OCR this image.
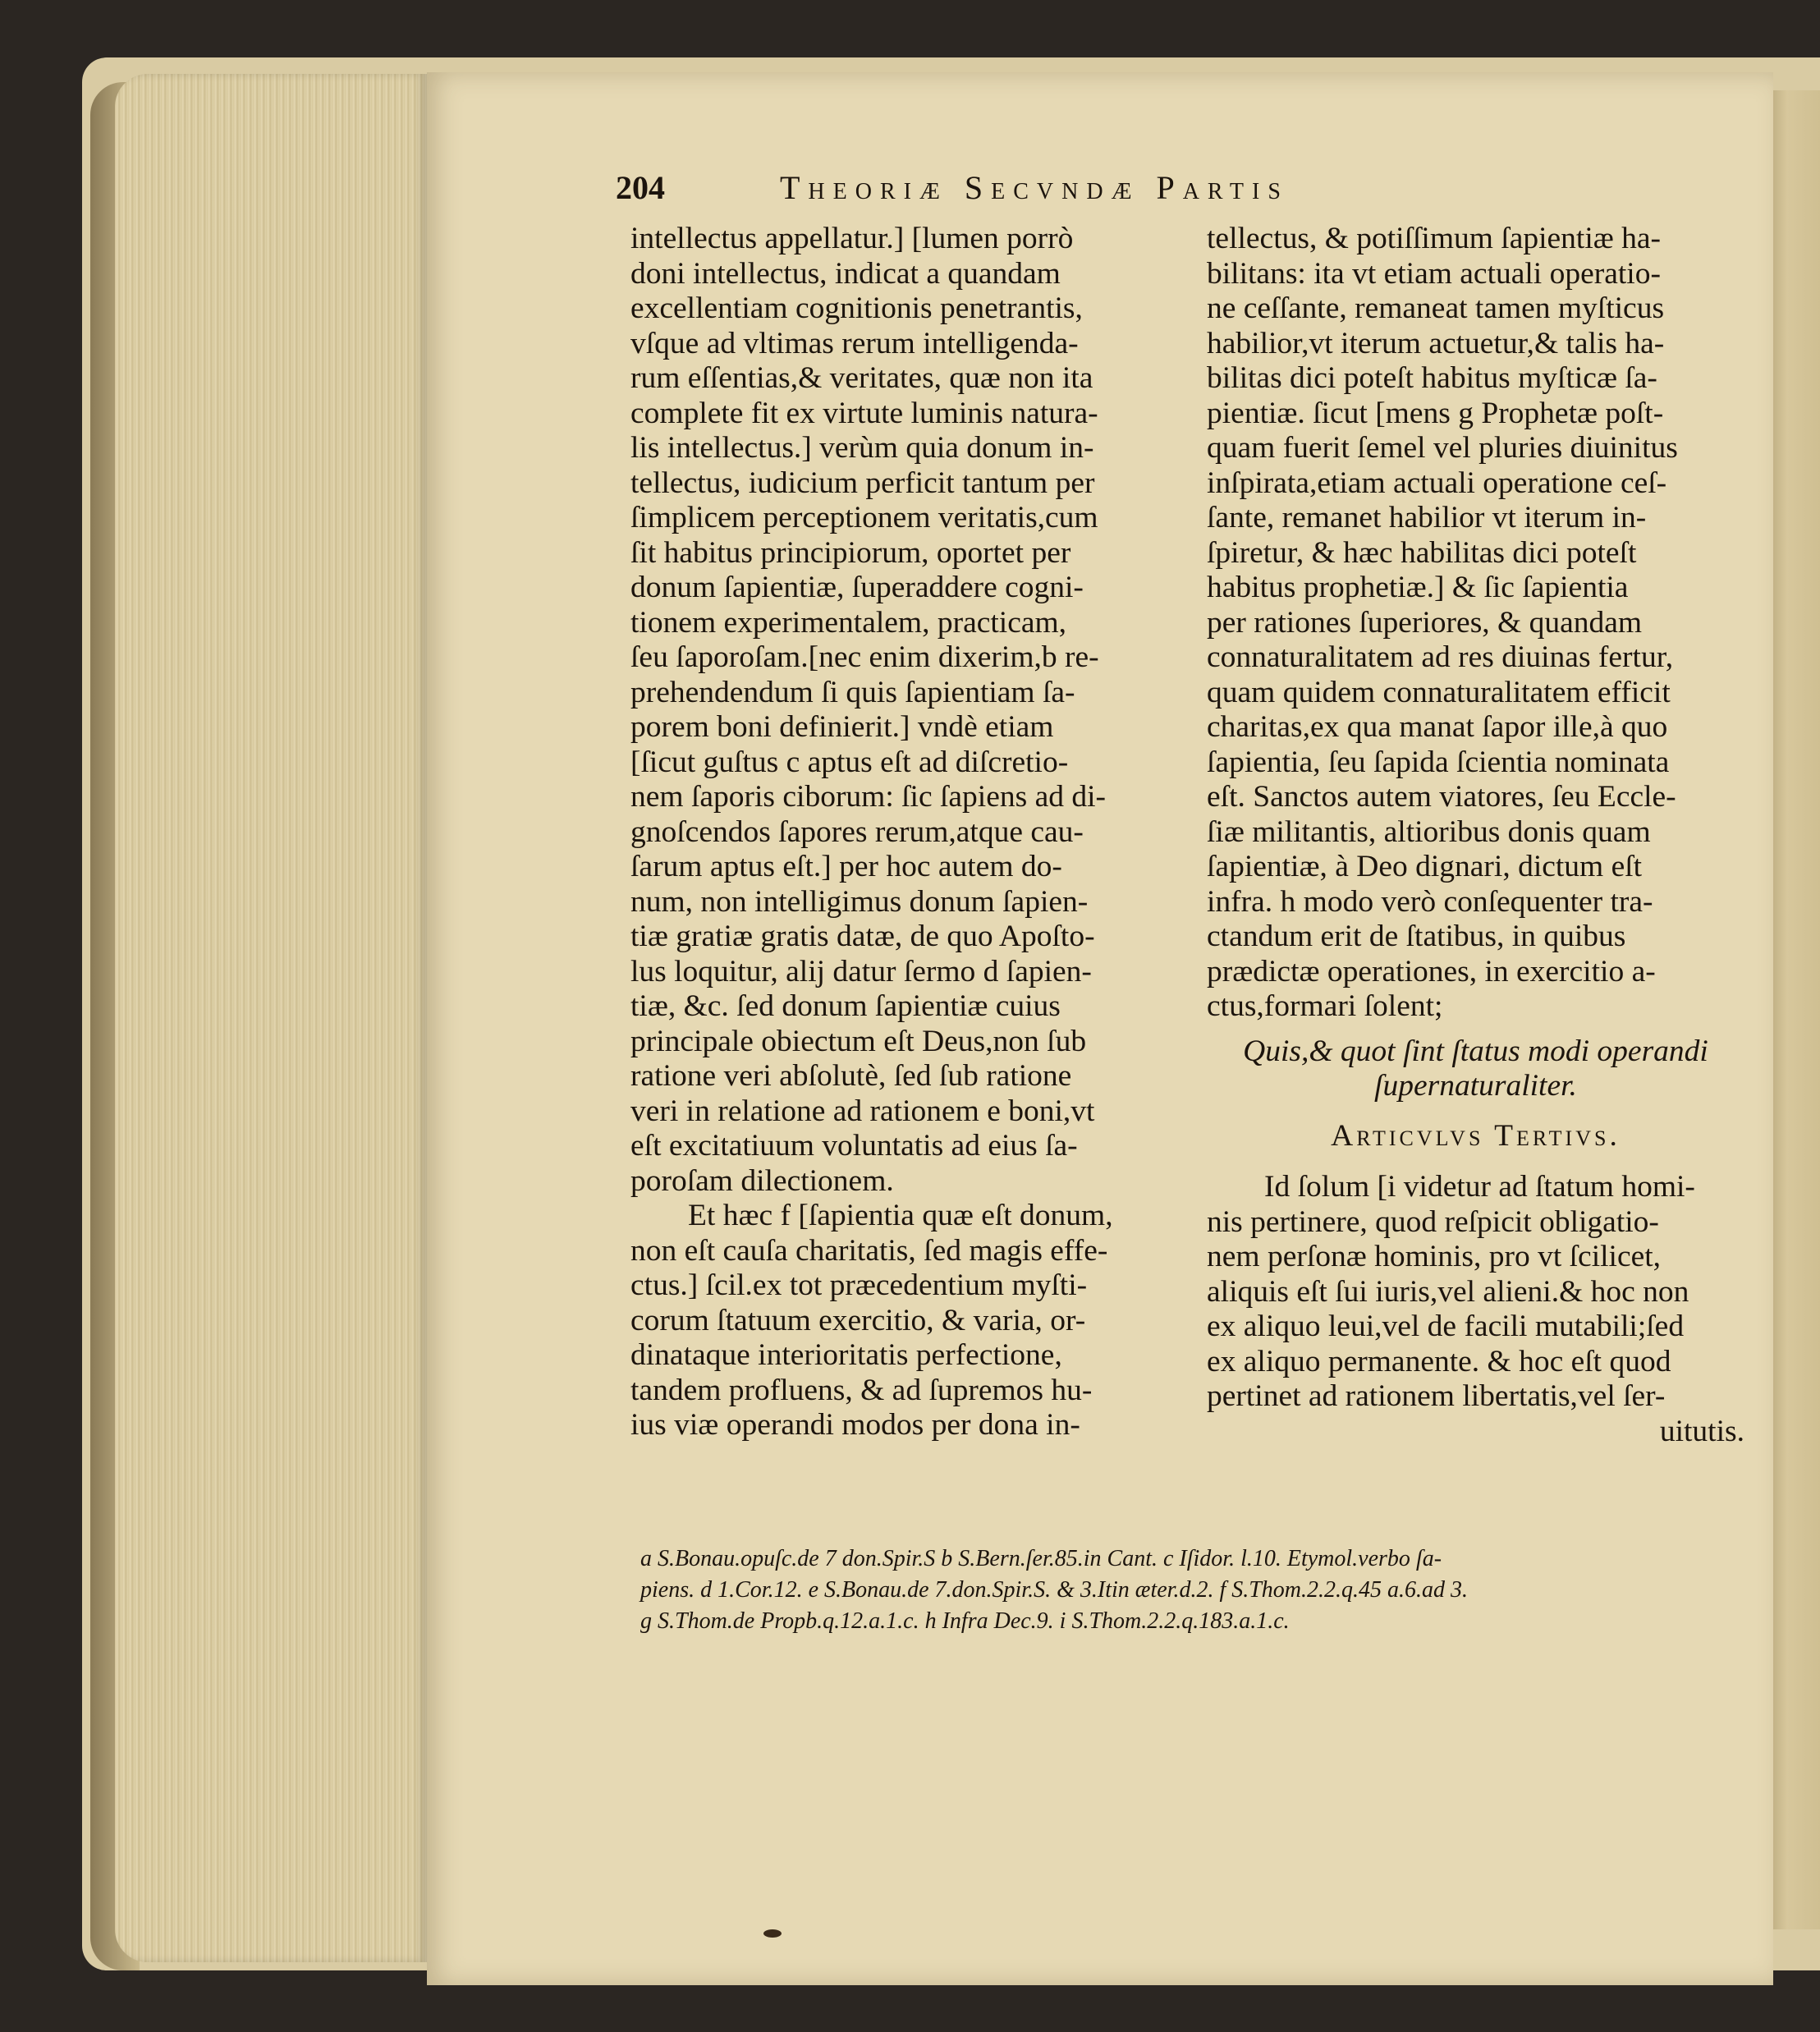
204	Theoriæ Secvndæ Partis
intellectus appellatur.] [lumen porrò
doni intellectus, indicat a quandam
excellentiam cognitionis penetrantis,
vſque ad vltimas rerum intelligenda-
rum eſſentias,& veritates, quæ non ita
complete fit ex virtute luminis natura-
lis intellectus.] verùm quia donum in-
tellectus, iudicium perficit tantum per
ſimplicem perceptionem veritatis,cum
ſit habitus principiorum, oportet per
donum ſapientiæ, ſuperaddere cogni-
tionem experimentalem, practicam,
ſeu ſaporoſam.[nec enim dixerim,b re-
prehendendum ſi quis ſapientiam ſa-
porem boni definierit.] vndè etiam
[ſicut guſtus c aptus eſt ad diſcretio-
nem ſaporis ciborum: ſic ſapiens ad di-
gnoſcendos ſapores rerum,atque cau-
ſarum aptus eſt.] per hoc autem do-
num, non intelligimus donum ſapien-
tiæ gratiæ gratis datæ, de quo Apoſto-
lus loquitur, alij datur ſermo d ſapien-
tiæ, &c. ſed donum ſapientiæ cuius
principale obiectum eſt Deus,non ſub
ratione veri abſolutè, ſed ſub ratione
veri in relatione ad rationem e boni,vt
eſt excitatiuum voluntatis ad eius ſa-
poroſam dilectionem.
Et hæc f [ſapientia quæ eſt donum,
non eſt cauſa charitatis, ſed magis effe-
ctus.] ſcil.ex tot præcedentium myſti-
corum ſtatuum exercitio, & varia, or-
dinataque interioritatis perfectione,
tandem profluens, & ad ſupremos hu-
ius viæ operandi modos per dona in-
tellectus, & potiſſimum ſapientiæ ha-
bilitans: ita vt etiam actuali operatio-
ne ceſſante, remaneat tamen myſticus
habilior,vt iterum actuetur,& talis ha-
bilitas dici poteſt habitus myſticæ ſa-
pientiæ. ſicut [mens g Prophetæ poſt-
quam fuerit ſemel vel pluries diuinitus
inſpirata,etiam actuali operatione ceſ-
ſante, remanet habilior vt iterum in-
ſpiretur, & hæc habilitas dici poteſt
habitus prophetiæ.] & ſic ſapientia
per rationes ſuperiores, & quandam
connaturalitatem ad res diuinas fertur,
quam quidem connaturalitatem efficit
charitas,ex qua manat ſapor ille,à quo
ſapientia, ſeu ſapida ſcientia nominata
eſt. Sanctos autem viatores, ſeu Eccle-
ſiæ militantis, altioribus donis quam
ſapientiæ, à Deo dignari, dictum eſt
infra. h modo verò conſequenter tra-
ctandum erit de ſtatibus, in quibus
prædictæ operationes, in exercitio a-
ctus,formari ſolent;
Quis,& quot ſint ſtatus modi operandi
ſupernaturaliter.
Articvlvs Tertivs.
Id ſolum [i videtur ad ſtatum homi-
nis pertinere, quod reſpicit obligatio-
nem perſonæ hominis, pro vt ſcilicet,
aliquis eſt ſui iuris,vel alieni.& hoc non
ex aliquo leui,vel de facili mutabili;ſed
ex aliquo permanente. & hoc eſt quod
pertinet ad rationem libertatis,vel ſer-
uitutis.
a S.Bonau.opuſc.de 7 don.Spir.S b S.Bern.ſer.85.in Cant. c Iſidor. l.10. Etymol.verbo ſa-
piens. d 1.Cor.12. e S.Bonau.de 7.don.Spir.S. & 3.Itin æter.d.2. f S.Thom.2.2.q.45 a.6.ad 3.
g S.Thom.de Propb.q.12.a.1.c. h Infra Dec.9. i S.Thom.2.2.q.183.a.1.c.
